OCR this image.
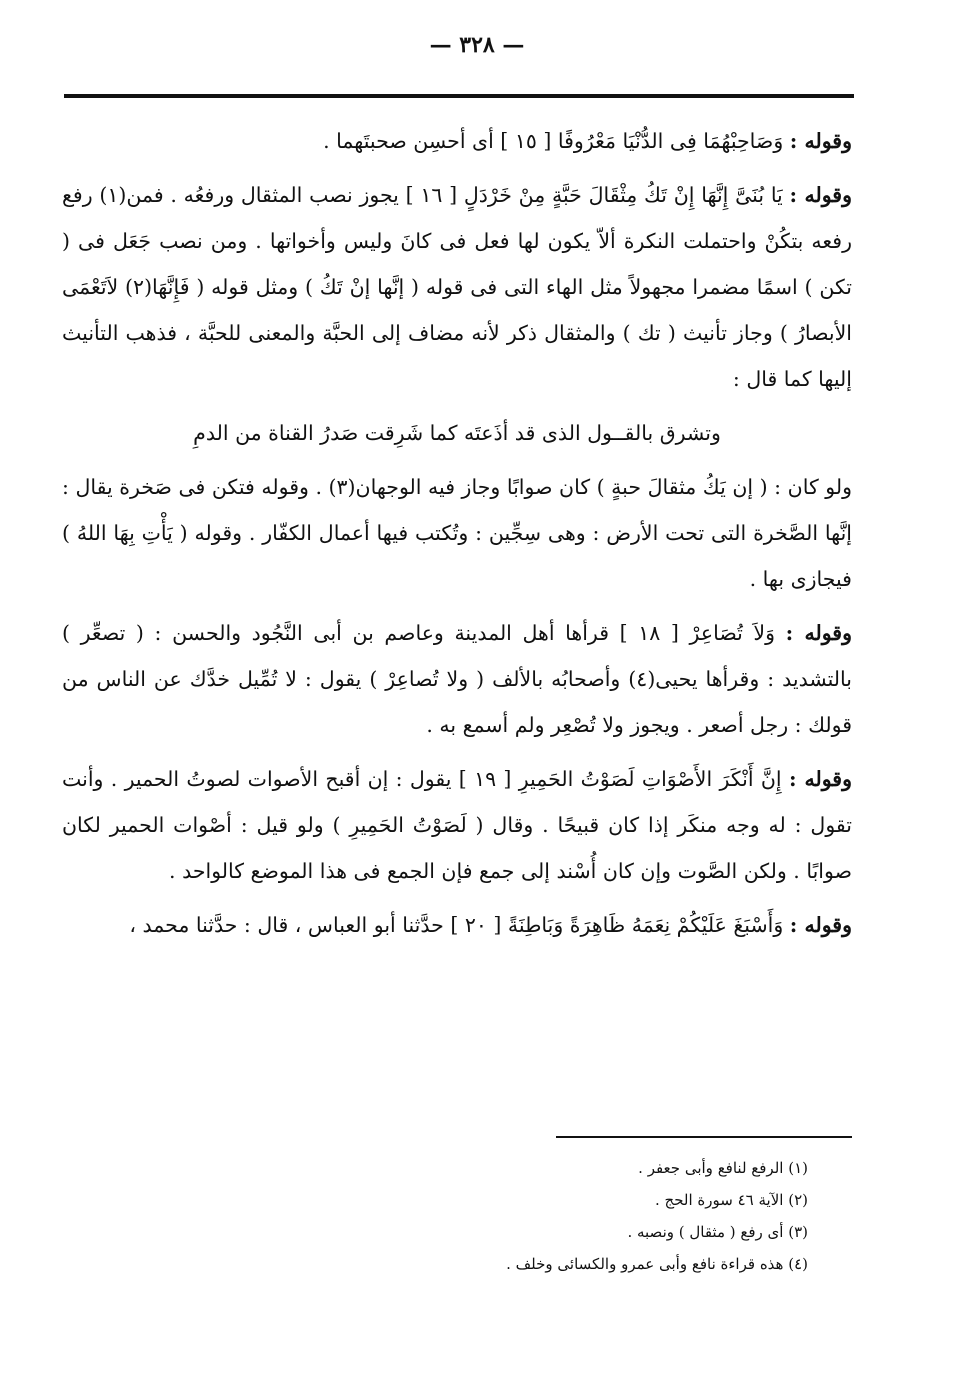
— ٣٢٨ —

وقوله : وَصَاحِبْهُمَا فِى الدُّنْيَا مَعْرُوفًا [ ١٥ ] أى أحسِن صحبتَهما .

وقوله : يَا بُنَىَّ إِنَّهَا إِنْ تَكُ مِثْقَالَ حَبَّةٍ مِنْ خَرْدَلٍ [ ١٦ ] يجوز نصب المثقال ورفعُه . فمن(١) رفع رفعه بتكُنْ واحتملت النكرة ألاّ يكون لها فعل فى كانَ وليس وأخواتها . ومن نصب جَعَل فى ( تكن ) اسمًا مضمرا مجهولاً مثل الهاء التى فى قوله ( إنَّها إنْ تَكُ ) ومثل قوله ( فَإِنَّهَا(٢) لاَتَعْمَى الأبصارُ ) وجاز تأنيث ( تك ) والمثقال ذكر لأنه مضاف إلى الحبَّة والمعنى للحبَّة ، فذهب التأنيث إليها كما قال :

وتشرق بالقــول الذى قد أذَعتَه كما شَرِقت صَدرُ القناة من الدمِ

ولو كان : ( إن يَكُ مثقالَ حبةٍ ) كان صوابًا وجاز فيه الوجهان(٣) . وقوله فتكن فى صَخرة يقال : إنَّها الصَّخرة التى تحت الأرض : وهى سِجِّين : وتُكتب فيها أعمال الكفّار . وقوله ( يَأْتِ بِهَا اللهُ ) فيجازى بها .

وقوله : وَلاَ تُصَاعِرْ [ ١٨ ] قرأها أهل المدينة وعاصم بن أبى النَّجُود والحسن : ( تصعِّر ) بالتشديد : وقرأها يحيى(٤) وأصحابُه بالألف ( ولا تُصاعِرْ ) يقول : لا تُمِّيل خدَّك عن الناس من قولك : رجل أصعر . ويجوز ولا تُصْعِر ولم أسمع به .

وقوله : إِنَّ أَنْكَرَ الأَصْوَاتِ لَصَوْتُ الحَمِيرِ [ ١٩ ] يقول : إن أقبح الأصوات لصوتُ الحمير . وأنت تقول : له وجه منكَر إذا كان قبيحًا . وقال ( لَصَوْتُ الحَمِيرِ ) ولو قيل : أصْوات الحمير لكان صوابًا . ولكن الصَّوت وإن كان أُسْند إلى جمع فإن الجمع فى هذا الموضع كالواحد .

وقوله : وَأَسْبَغَ عَلَيْكُمْ نِعَمَهُ ظَاهِرَةً وَبَاطِنَةً [ ٢٠ ] حدَّثنا أبو العباس ، قال : حدَّثنا محمد ،

(١) الرفع لنافع وأبى جعفر .

(٢) الآية ٤٦ سورة الحج .

(٣) أى رفع ( مثقال ) ونصبه .

(٤) هذه قراءة نافع وأبى عمرو والكسائى وخلف .
